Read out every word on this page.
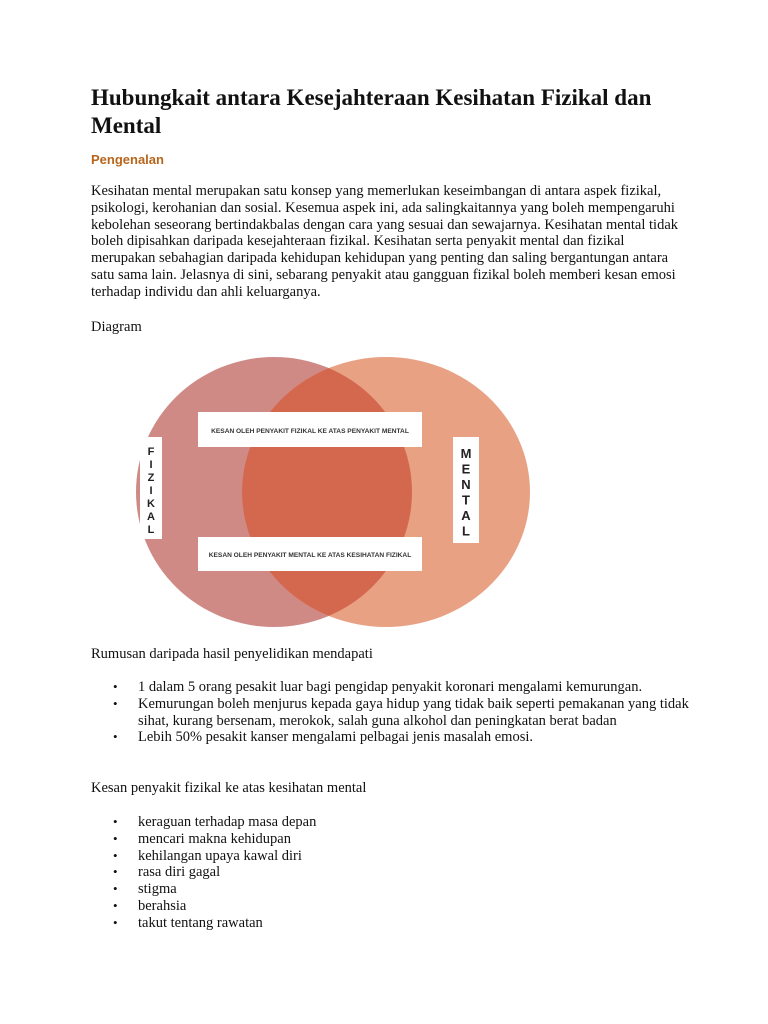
Hubungkait antara Kesejahteraan Kesihatan Fizikal dan Mental
Pengenalan

Kesihatan mental merupakan satu konsep yang memerlukan keseimbangan di antara aspek fizikal, psikologi, kerohanian dan sosial. Kesemua aspek ini, ada salingkaitannya yang boleh mempengaruhi kebolehan seseorang bertindakbalas dengan cara yang sesuai dan sewajarnya. Kesihatan mental tidak boleh dipisahkan daripada kesejahteraan fizikal. Kesihatan serta penyakit mental dan fizikal merupakan sebahagian daripada kehidupan kehidupan yang penting dan saling bergantungan antara satu sama lain. Jelasnya di sini, sebarang penyakit atau gangguan fizikal boleh memberi kesan emosi terhadap individu dan ahli keluarganya.

Diagram
F I Z I K A L
M E N T A L
KESAN OLEH PENYAKIT FIZIKAL KE ATAS PENYAKIT MENTAL
KESAN OLEH PENYAKIT MENTAL KE ATAS KESIHATAN FIZIKAL
Rumusan daripada hasil penyelidikan mendapati
• 1 dalam 5 orang pesakit luar bagi pengidap penyakit koronari mengalami kemurungan.
• Kemurungan boleh menjurus kepada gaya hidup yang tidak baik seperti pemakanan yang tidak sihat, kurang bersenam, merokok, salah guna alkohol dan peningkatan berat badan
• Lebih 50% pesakit kanser mengalami pelbagai jenis masalah emosi.
Kesan penyakit fizikal ke atas kesihatan mental
• keraguan terhadap masa depan
• mencari makna kehidupan
• kehilangan upaya kawal diri
• rasa diri gagal
• stigma
• berahsia
• takut tentang rawatan
